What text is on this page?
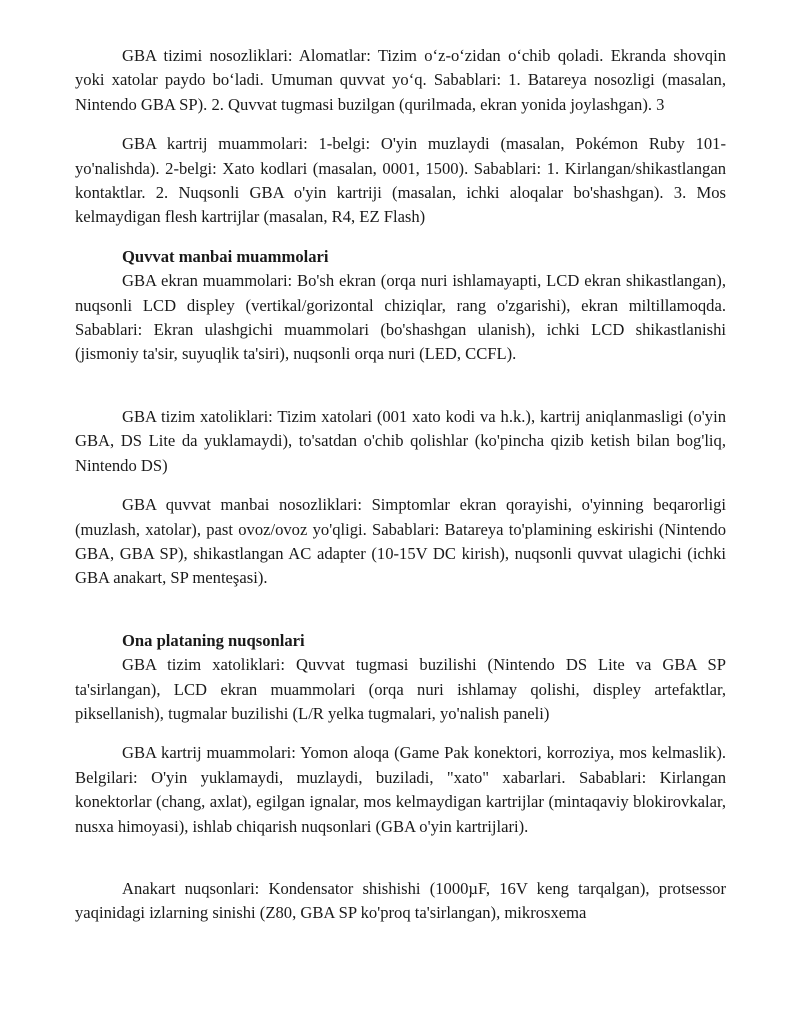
GBA tizimi nosozliklari: Alomatlar: Tizim o‘z-o‘zidan o‘chib qoladi. Ekranda shovqin yoki xatolar paydo bo‘ladi. Umuman quvvat yo‘q. Sabablari: 1. Batareya nosozligi (masalan, Nintendo GBA SP). 2. Quvvat tugmasi buzilgan (qurilmada, ekran yonida joylashgan). 3

GBA kartrij muammolari: 1-belgi: O'yin muzlaydi (masalan, Pokémon Ruby 101-yo'nalishda). 2-belgi: Xato kodlari (masalan, 0001, 1500). Sabablari: 1. Kirlangan/shikastlangan kontaktlar. 2. Nuqsonli GBA o'yin kartriji (masalan, ichki aloqalar bo'shashgan). 3. Mos kelmaydigan flesh kartrijlar (masalan, R4, EZ Flash)

Quvvat manbai muammolari

GBA ekran muammolari: Bo'sh ekran (orqa nuri ishlamayapti, LCD ekran shikastlangan), nuqsonli LCD displey (vertikal/gorizontal chiziqlar, rang o'zgarishi), ekran miltillamoqda. Sabablari: Ekran ulashgichi muammolari (bo'shashgan ulanish), ichki LCD shikastlanishi (jismoniy ta'sir, suyuqlik ta'siri), nuqsonli orqa nuri (LED, CCFL).

GBA tizim xatoliklari: Tizim xatolari (001 xato kodi va h.k.), kartrij aniqlanmasligi (o'yin GBA, DS Lite da yuklamaydi), to'satdan o'chib qolishlar (ko'pincha qizib ketish bilan bog'liq, Nintendo DS)

GBA quvvat manbai nosozliklari: Simptomlar ekran qorayishi, o'yinning beqarorligi (muzlash, xatolar), past ovoz/ovoz yo'qligi. Sabablari: Batareya to'plamining eskirishi (Nintendo GBA, GBA SP), shikastlangan AC adapter (10-15V DC kirish), nuqsonli quvvat ulagichi (ichki GBA anakart, SP menteşasi).

Ona plataning nuqsonlari

GBA tizim xatoliklari: Quvvat tugmasi buzilishi (Nintendo DS Lite va GBA SP ta'sirlangan), LCD ekran muammolari (orqa nuri ishlamay qolishi, displey artefaktlar, piksellanish), tugmalar buzilishi (L/R yelka tugmalari, yo'nalish paneli)

GBA kartrij muammolari: Yomon aloqa (Game Pak konektori, korroziya, mos kelmaslik). Belgilari: O'yin yuklamaydi, muzlaydi, buziladi, "xato" xabarlari. Sabablari: Kirlangan konektorlar (chang, axlat), egilgan ignalar, mos kelmaydigan kartrijlar (mintaqaviy blokirovkalar, nusxa himoyasi), ishlab chiqarish nuqsonlari (GBA o'yin kartrijlari).

Anakart nuqsonlari: Kondensator shishishi (1000µF, 16V keng tarqalgan), protsessor yaqinidagi izlarning sinishi (Z80, GBA SP ko'proq ta'sirlangan), mikrosxema
